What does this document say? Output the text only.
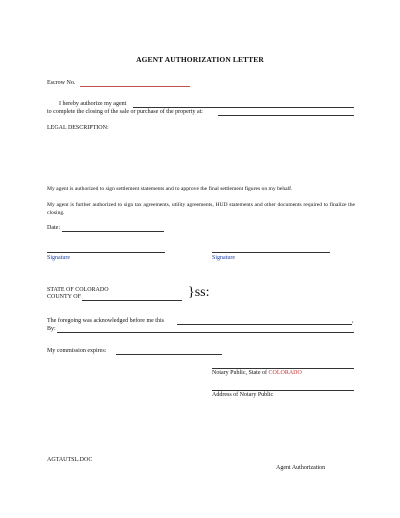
AGENT AUTHORIZATION LETTER
Escrow No.
I hereby authorize my agent
to complete the closing of the sale or purchase of the property at:
LEGAL DESCRIPTION:
My agent is authorized to sign settlement statements and to approve the final settlement figures on my behalf.
My agent is further authorized to sign tax agreements, utility agreements, HUD statements and other documents required to finalize the closing.
Date:
Signature	Signature
STATE OF COLORADO
COUNTY OF	}ss:
The foregoing was acknowledged before me this	,
By:
My commission expires:
Notary Public, State of COLORADO
Address of Notary Public
AGTAUTSL.DOC
Agent Authorization
